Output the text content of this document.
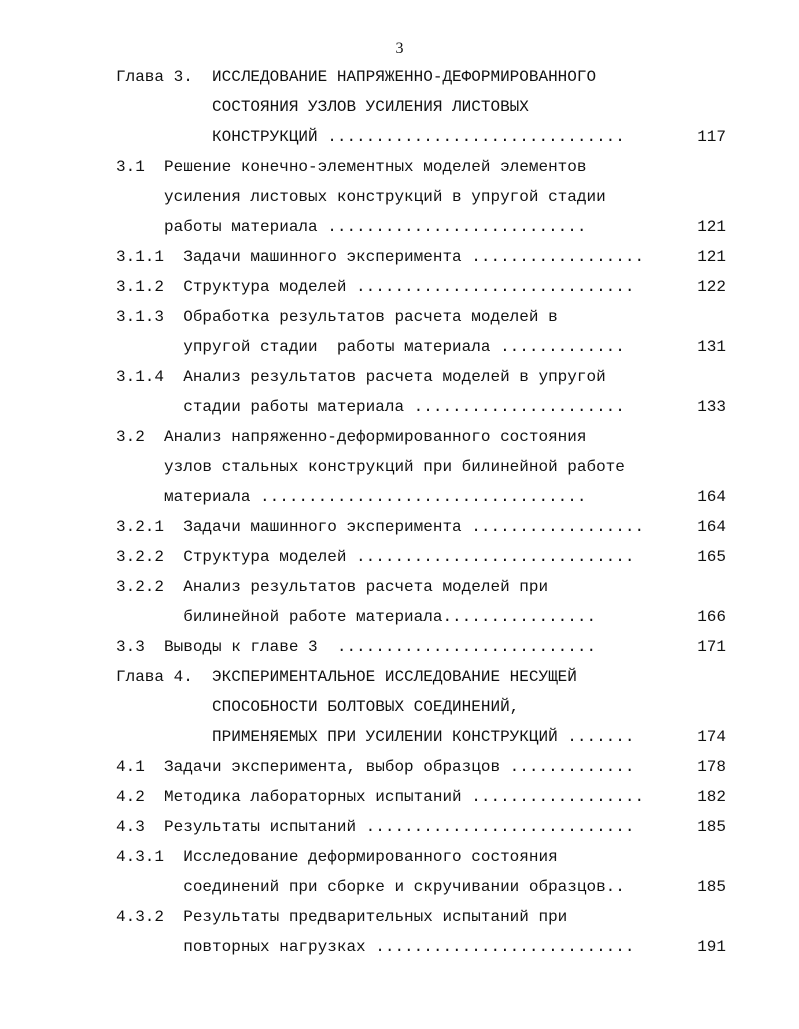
3
Глава 3.  ИССЛЕДОВАНИЕ НАПРЯЖЕННО-ДЕФОРМИРОВАННОГО
СОСТОЯНИЯ УЗЛОВ УСИЛЕНИЯ ЛИСТОВЫХ
КОНСТРУКЦИЙ ...............................	117
3.1  Решение конечно-элементных моделей элементов
усиления листовых конструкций в упругой стадии
работы материала ...........................	121
3.1.1  Задачи машинного эксперимента ..................	121
3.1.2  Структура моделей .............................	122
3.1.3  Обработка результатов расчета моделей в
упругой стадии  работы материала .............	131
3.1.4  Анализ результатов расчета моделей в упругой
стадии работы материала ......................	133
3.2  Анализ напряженно-деформированного состояния
узлов стальных конструкций при билинейной работе
материала ..................................	164
3.2.1  Задачи машинного эксперимента ..................	164
3.2.2  Структура моделей .............................	165
3.2.2  Анализ результатов расчета моделей при
билинейной работе материала................	166
3.3  Выводы к главе 3  ...........................	171
Глава 4.  ЭКСПЕРИМЕНТАЛЬНОЕ ИССЛЕДОВАНИЕ НЕСУЩЕЙ
СПОСОБНОСТИ БОЛТОВЫХ СОЕДИНЕНИЙ,
ПРИМЕНЯЕМЫХ ПРИ УСИЛЕНИИ КОНСТРУКЦИЙ .......	174
4.1  Задачи эксперимента, выбор образцов .............	178
4.2  Методика лабораторных испытаний ..................	182
4.3  Результаты испытаний ............................	185
4.3.1  Исследование деформированного состояния
соединений при сборке и скручивании образцов..	185
4.3.2  Результаты предварительных испытаний при
повторных нагрузках ...........................	191
